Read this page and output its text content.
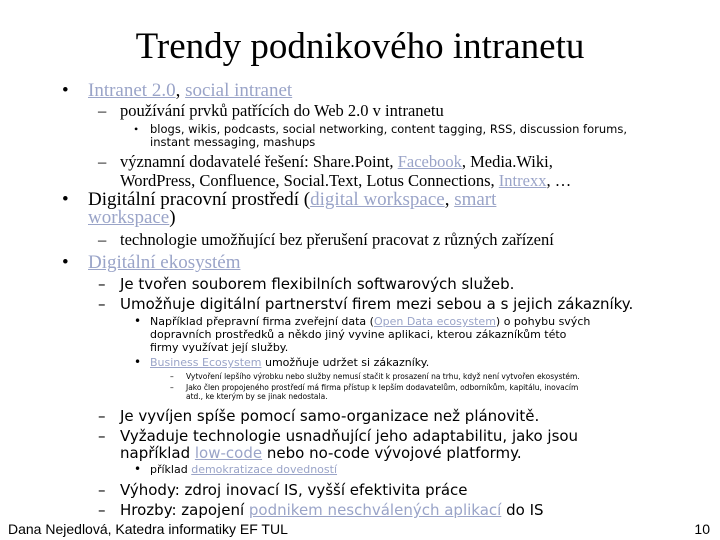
Trendy podnikového intranetu
• Intranet 2.0, social intranet
– používání prvků patřících do Web 2.0 v intranetu
• blogs, wikis, podcasts, social networking, content tagging, RSS, discussion forums,
instant messaging, mashups
– významní dodavatelé řešení: Share.Point, Facebook, Media.Wiki,
WordPress, Confluence, Social.Text, Lotus Connections, Intrexx, …
• Digitální pracovní prostředí (digital workspace, smart
workspace)
– technologie umožňující bez přerušení pracovat z různých zařízení
• Digitální ekosystém
– Je tvořen souborem flexibilních softwarových služeb.
– Umožňuje digitální partnerství firem mezi sebou a s jejich zákazníky.
• Například přepravní firma zveřejní data (Open Data ecosystem) o pohybu svých
dopravních prostředků a někdo jiný vyvine aplikaci, kterou zákazníkům této
firmy využívat její služby.
• Business Ecosystem umožňuje udržet si zákazníky.
– Vytvoření lepšího výrobku nebo služby nemusí stačit k prosazení na trhu, když není vytvořen ekosystém.
– Jako člen propojeného prostředí má firma přístup k lepším dodavatelům, odborníkům, kapitálu, inovacím
atd., ke kterým by se jinak nedostala.
– Je vyvíjen spíše pomocí samo-organizace než plánovitě.
– Vyžaduje technologie usnadňující jeho adaptabilitu, jako jsou
například low-code nebo no-code vývojové platformy.
• příklad demokratizace dovedností
– Výhody: zdroj inovací IS, vyšší efektivita práce
– Hrozby: zapojení podnikem neschválených aplikací do IS
Dana Nejedlová, Katedra informatiky EF TUL	10
